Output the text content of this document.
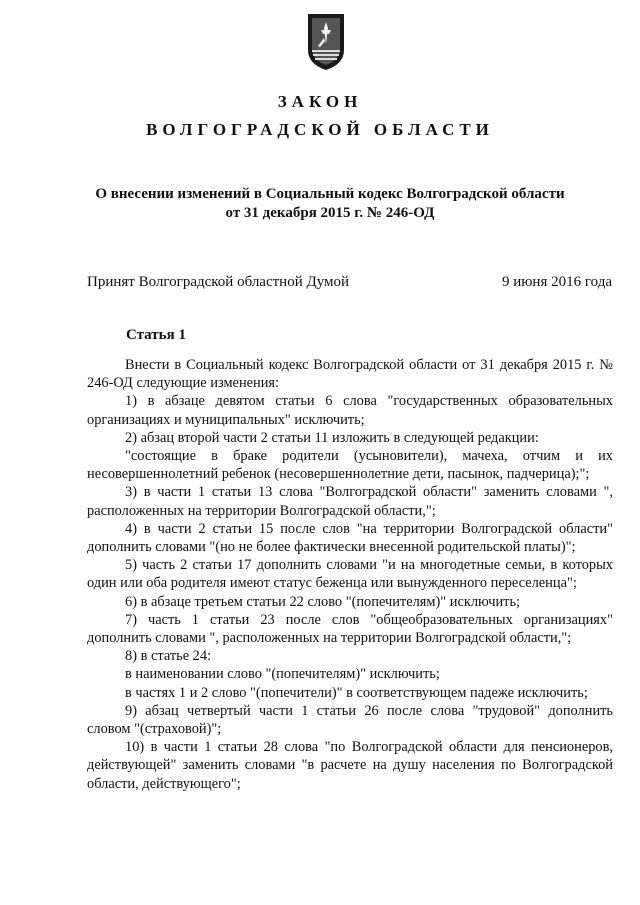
ЗАКОН
ВОЛГОГРАДСКОЙ ОБЛАСТИ
О внесении изменений в Социальный кодекс Волгоградской области
от 31 декабря 2015 г. № 246-ОД
Принят Волгоградской областной Думой	9 июня 2016 года
Статья 1

Внести в Социальный кодекс Волгоградской области от 31 декабря 2015 г. № 246-ОД следующие изменения:

1) в абзаце девятом статьи 6 слова "государственных образовательных организациях и муниципальных" исключить;

2) абзац второй части 2 статьи 11 изложить в следующей редакции:

"состоящие в браке родители (усыновители), мачеха, отчим и их несовершеннолетний ребенок (несовершеннолетние дети, пасынок, падчерица);";

3) в части 1 статьи 13 слова "Волгоградской области" заменить словами ", расположенных на территории Волгоградской области,";

4) в части 2 статьи 15 после слов "на территории Волгоградской области" дополнить словами "(но не более фактически внесенной родительской платы)";

5) часть 2 статьи 17 дополнить словами "и на многодетные семьи, в которых один или оба родителя имеют статус беженца или вынужденного переселенца";

6) в абзаце третьем статьи 22 слово "(попечителям)" исключить;

7) часть 1 статьи 23 после слов "общеобразовательных организациях" дополнить словами ", расположенных на территории Волгоградской области,";

8) в статье 24:

в наименовании слово "(попечителям)" исключить;

в частях 1 и 2 слово "(попечители)" в соответствующем падеже исключить;

9) абзац четвертый части 1 статьи 26 после слова "трудовой" дополнить словом "(страховой)";

10) в части 1 статьи 28 слова "по Волгоградской области для пенсионеров, действующей" заменить словами "в расчете на душу населения по Волгоградской области, действующего";
